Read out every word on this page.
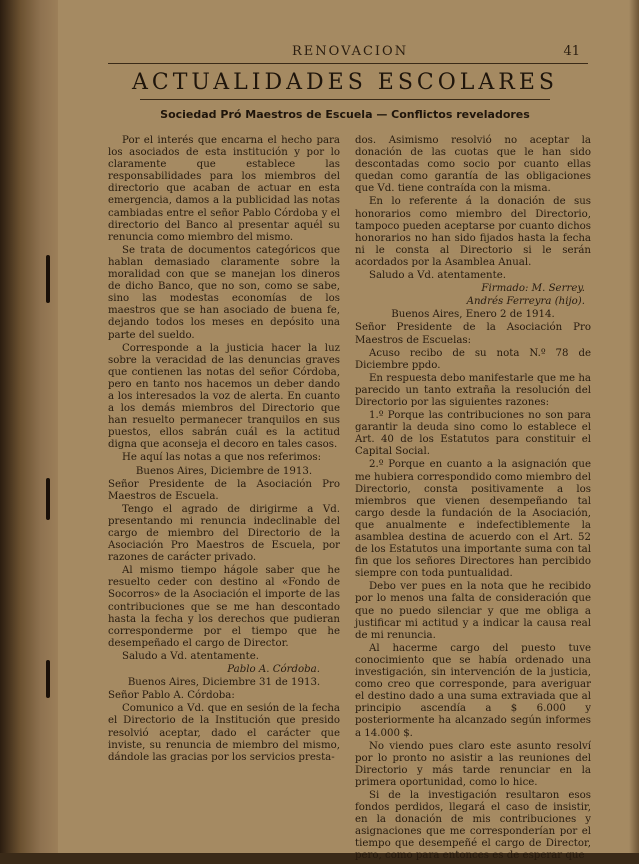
RENOVACION	41
ACTUALIDADES ESCOLARES
Sociedad Pró Maestros de Escuela — Conflictos reveladores

Por el interés que encarna el hecho para los asociados de esta institución y por lo claramente que establece las responsabilidades para los miembros del directorio que acaban de actuar en esta emergencia, damos a la publicidad las notas cambiadas entre el señor Pablo Córdoba y el directorio del Banco al presentar aquél su renuncia como miembro del mismo.

Se trata de documentos categóricos que hablan demasiado claramente sobre la moralidad con que se manejan los dineros de dicho Banco, que no son, como se sabe, sino las modestas economías de los maestros que se han asociado de buena fe, dejando todos los meses en depósito una parte del sueldo.

Corresponde a la justicia hacer la luz sobre la veracidad de las denuncias graves que contienen las notas del señor Córdoba, pero en tanto nos hacemos un deber dando a los interesados la voz de alerta. En cuanto a los demás miembros del Directorio que han resuelto permanecer tranquilos en sus puestos, ellos sabrán cuál es la actitud digna que aconseja el decoro en tales casos.

He aquí las notas a que nos referimos:

Buenos Aires, Diciembre de 1913.

Señor Presidente de la Asociación Pro Maestros de Escuela.

Tengo el agrado de dirigirme a Vd. presentando mi renuncia indeclinable del cargo de miembro del Directorio de la Asociación Pro Maestros de Escuela, por razones de carácter privado.

Al mismo tiempo hágole saber que he resuelto ceder con destino al «Fondo de Socorros» de la Asociación el importe de las contribuciones que se me han descontado hasta la fecha y los derechos que pudieran corresponderme por el tiempo que he desempeñado el cargo de Director.

Saludo a Vd. atentamente.

Pablo A. Córdoba.

Buenos Aires, Diciembre 31 de 1913.

Señor Pablo A. Córdoba:

Comunico a Vd. que en sesión de la fecha el Directorio de la Institución que presido resolvió aceptar, dado el carácter que inviste, su renuncia de miembro del mismo, dándole las gracias por los servicios presta-

dos. Asimismo resolvió no aceptar la donación de las cuotas que le han sido descontadas como socio por cuanto ellas quedan como garantía de las obligaciones que Vd. tiene contraída con la misma.

En lo referente á la donación de sus honorarios como miembro del Directorio, tampoco pueden aceptarse por cuanto dichos honorarios no han sido fijados hasta la fecha ni le consta al Directorio si le serán acordados por la Asamblea Anual.

Saludo a Vd. atentamente.

Firmado: M. Serrey.

Andrés Ferreyra (hijo).

Buenos Aires, Enero 2 de 1914.

Señor Presidente de la Asociación Pro Maestros de Escuelas:

Acuso recibo de su nota N.º 78 de Diciembre ppdo.

En respuesta debo manifestarle que me ha parecido un tanto extraña la resolución del Directorio por las siguientes razones:

1.º Porque las contribuciones no son para garantir la deuda sino como lo establece el Art. 40 de los Estatutos para constituir el Capital Social.

2.º Porque en cuanto a la asignación que me hubiera correspondido como miembro del Directorio, consta positivamente a los miembros que vienen desempeñando tal cargo desde la fundación de la Asociación, que anualmente e indefectiblemente la asamblea destina de acuerdo con el Art. 52 de los Estatutos una importante suma con tal fin que los señores Directores han percibido siempre con toda puntualidad.

Debo ver pues en la nota que he recibido por lo menos una falta de consideración que que no puedo silenciar y que me obliga a justificar mi actitud y a indicar la causa real de mi renuncia.

Al hacerme cargo del puesto tuve conocimiento que se había ordenado una investigación, sin intervención de la justicia, como creo que corresponde, para averiguar el destino dado a una suma extraviada que al principio ascendía a $ 6.000 y posteriormente ha alcanzado según informes a 14.000 $.

No viendo pues claro este asunto resolví por lo pronto no asistir a las reuniones del Directorio y más tarde renunciar en la primera oportunidad, como lo hice.

Si de la investigación resultaron esos fondos perdidos, llegará el caso de insistir, en la donación de mis contribuciones y asignaciones que me corresponderían por el tiempo que desempeñé el cargo de Director, pero, como para entonces es de esperar que
